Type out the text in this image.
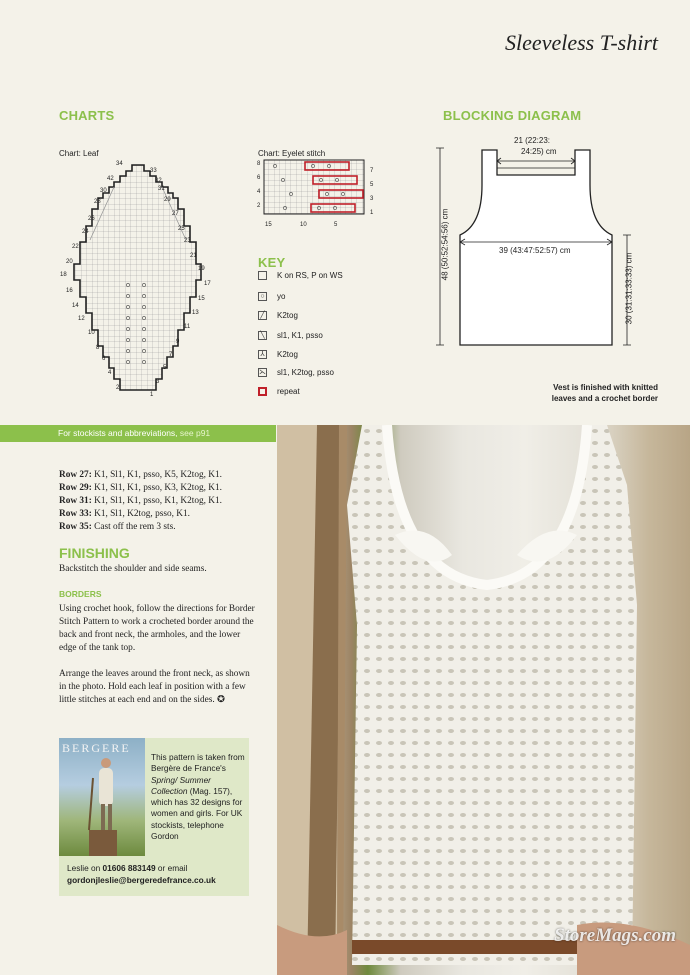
Sleeveless T-shirt
CHARTS
Chart: Leaf	Chart: Eyelet stitch
42
30
28
26
24
22
20
18
16
14
12
10
8
6
4
2
34
33
32
31
29
27
25
23
21
19
17
15
13
11
9
7
5
3
1
8
6
4
2
7
5
3
1
15	10	5
KEY
K on RS, P on WS
○ yo
╱ K2tog
╲ sl1, K1, psso
⅄ K2tog
⋋ sl1, K2tog, psso
repeat
BLOCKING DIAGRAM
21 (22:23:
24:25) cm
39 (43:47:52:57) cm
48 (50:52:54:56) cm
30 (31:31:33:33) cm
Vest is finished with knitted leaves and a crochet border
For stockists and abbreviations, see p91
Row 27: K1, Sl1, K1, psso, K5, K2tog, K1.
Row 29: K1, Sl1, K1, psso, K3, K2tog, K1.
Row 31: K1, Sl1, K1, psso, K1, K2tog, K1.
Row 33: K1, Sl1, K2tog, psso, K1.
Row 35: Cast off the rem 3 sts.
FINISHING
Backstitch the shoulder and side seams.
BORDERS
Using crochet hook, follow the directions for Border Stitch Pattern to work a crocheted border around the back and front neck, the armholes, and the lower edge of the tank top.
Arrange the leaves around the front neck, as shown in the photo. Hold each leaf in position with a few little stitches at each end and on the sides. ✪
BERGERE
This pattern is taken from Bergère de France's Spring/ Summer Collection (Mag. 157), which has 32 designs for women and girls. For UK stockists, telephone Gordon
Leslie on 01606 883149 or email
gordonjleslie@bergeredefrance.co.uk
StoreMags.com
